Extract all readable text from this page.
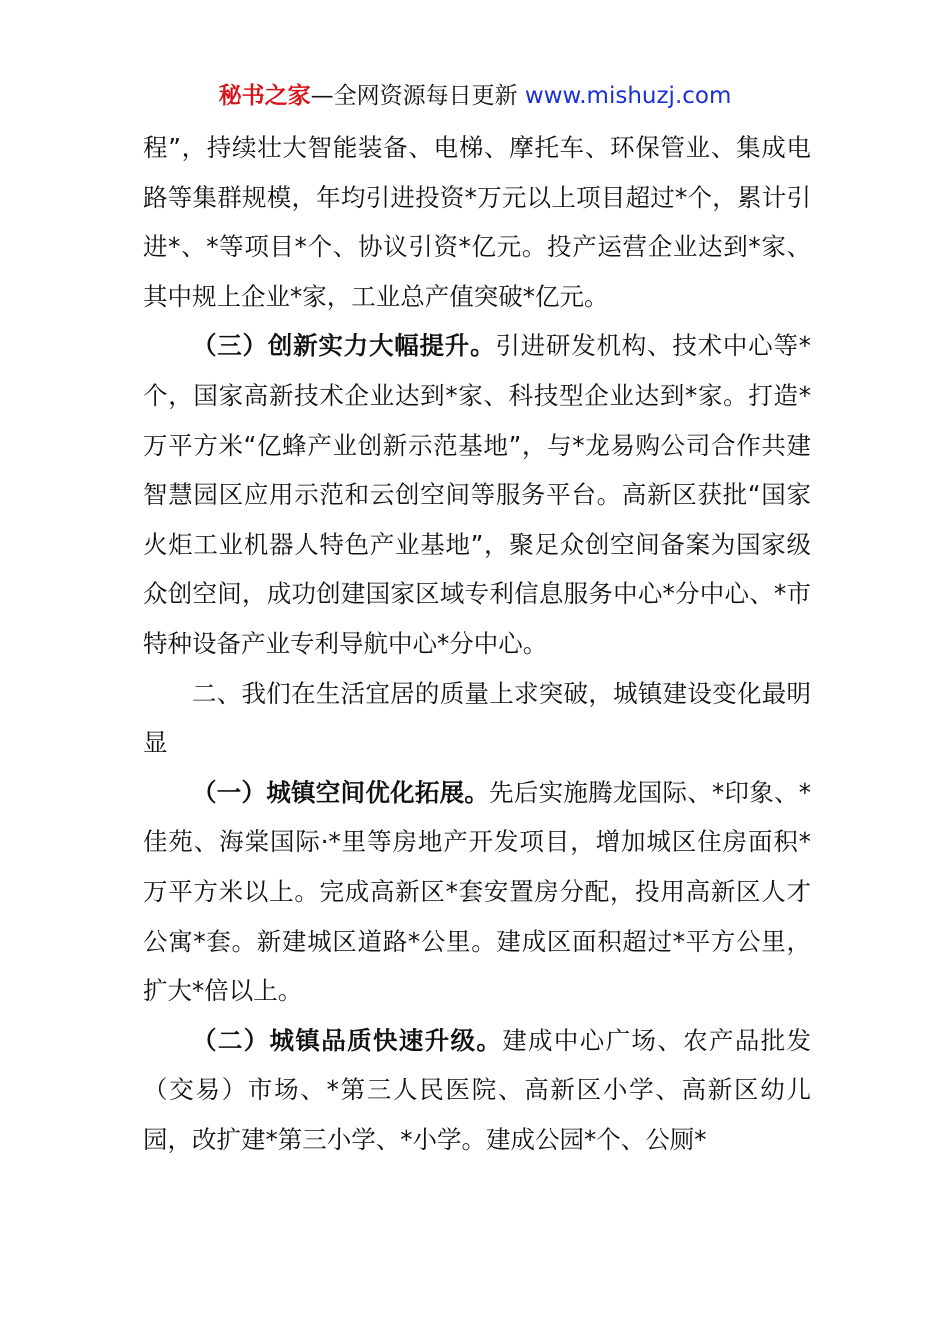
秘书之家—全网资源每日更新 www.mishuzj.com

程”，持续壮大智能装备、电梯、摩托车、环保管业、集成电路等集群规模，年均引进投资*万元以上项目超过*个，累计引进*、*等项目*个、协议引资*亿元。投产运营企业达到*家、其中规上企业*家，工业总产值突破*亿元。

（三）创新实力大幅提升。引进研发机构、技术中心等*个，国家高新技术企业达到*家、科技型企业达到*家。打造*万平方米“亿蜂产业创新示范基地”，与*龙易购公司合作共建智慧园区应用示范和云创空间等服务平台。高新区获批“国家火炬工业机器人特色产业基地”，聚足众创空间备案为国家级众创空间，成功创建国家区域专利信息服务中心*分中心、*市特种设备产业专利导航中心*分中心。

二、我们在生活宜居的质量上求突破，城镇建设变化最明显

（一）城镇空间优化拓展。先后实施腾龙国际、*印象、*佳苑、海棠国际·*里等房地产开发项目，增加城区住房面积*万平方米以上。完成高新区*套安置房分配，投用高新区人才公寓*套。新建城区道路*公里。建成区面积超过*平方公里，扩大*倍以上。

（二）城镇品质快速升级。建成中心广场、农产品批发（交易）市场、*第三人民医院、高新区小学、高新区幼儿园，改扩建*第三小学、*小学。建成公园*个、公厕*
